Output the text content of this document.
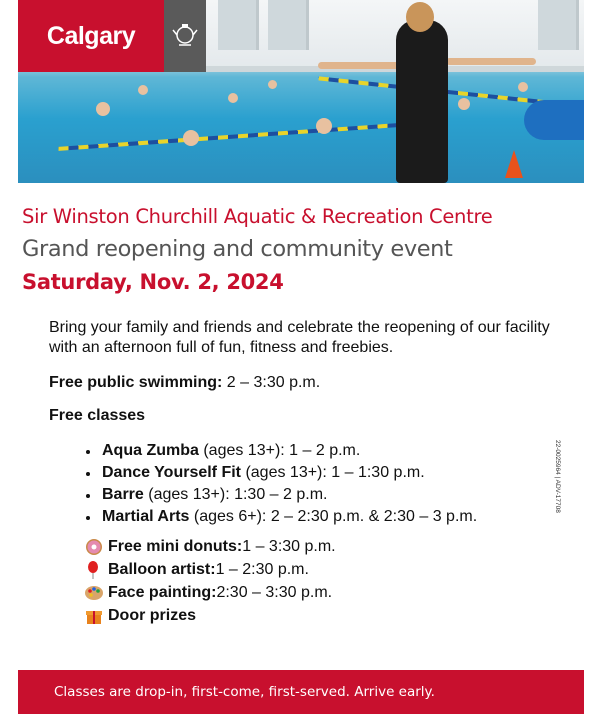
Calgary
Sir Winston Churchill Aquatic & Recreation Centre
Grand reopening and community event
Saturday, Nov. 2, 2024
Bring your family and friends and celebrate the reopening of our facility with an afternoon full of fun, fitness and freebies.
Free public swimming: 2 – 3:30 p.m.
Free classes
Aqua Zumba (ages 13+): 1 – 2 p.m.
Dance Yourself Fit (ages 13+): 1 – 1:30 p.m.
Barre (ages 13+): 1:30 – 2 p.m.
Martial Arts (ages 6+): 2 – 2:30 p.m. & 2:30 – 3 p.m.
Free mini donuts: 1 – 3:30 p.m.
Balloon artist: 1 – 2:30 p.m.
Face painting: 2:30 – 3:30 p.m.
Door prizes
22-0025964 | ADV-17708
Classes are drop-in, first-come, first-served. Arrive early.
